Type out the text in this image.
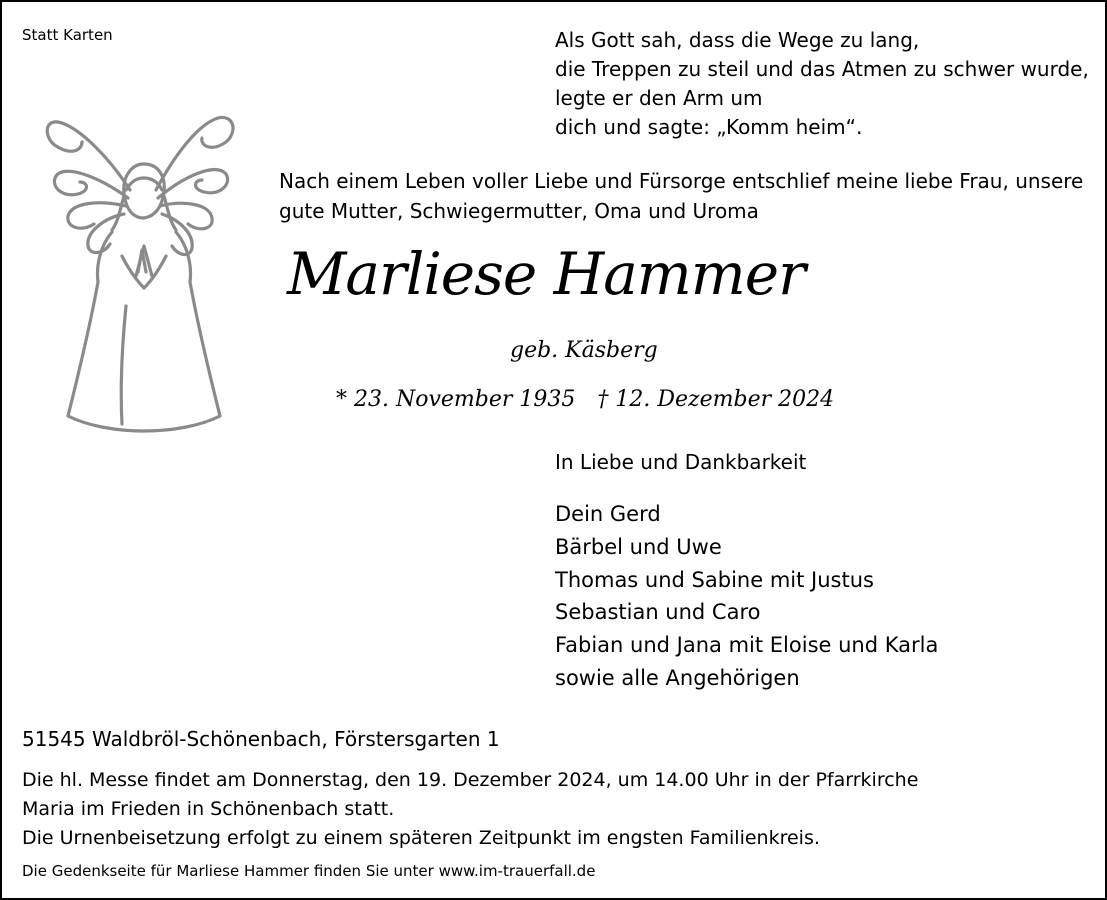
Statt Karten	Als Gott sah, dass die Wege zu lang,
die Treppen zu steil und das Atmen zu schwer wurde,
legte er den Arm um
dich und sagte: „Komm heim“.
Nach einem Leben voller Liebe und Fürsorge entschlief meine liebe Frau, unsere
gute Mutter, Schwiegermutter, Oma und Uroma
Marliese Hammer
geb. Käsberg
* 23. November 1935 † 12. Dezember 2024
In Liebe und Dankbarkeit
Dein Gerd
Bärbel und Uwe
Thomas und Sabine mit Justus
Sebastian und Caro
Fabian und Jana mit Eloise und Karla
sowie alle Angehörigen
51545 Waldbröl-Schönenbach, Förstersgarten 1
Die hl. Messe findet am Donnerstag, den 19. Dezember 2024, um 14.00 Uhr in der Pfarrkirche
Maria im Frieden in Schönenbach statt.
Die Urnenbeisetzung erfolgt zu einem späteren Zeitpunkt im engsten Familienkreis.
Die Gedenkseite für Marliese Hammer finden Sie unter www.im-trauerfall.de
